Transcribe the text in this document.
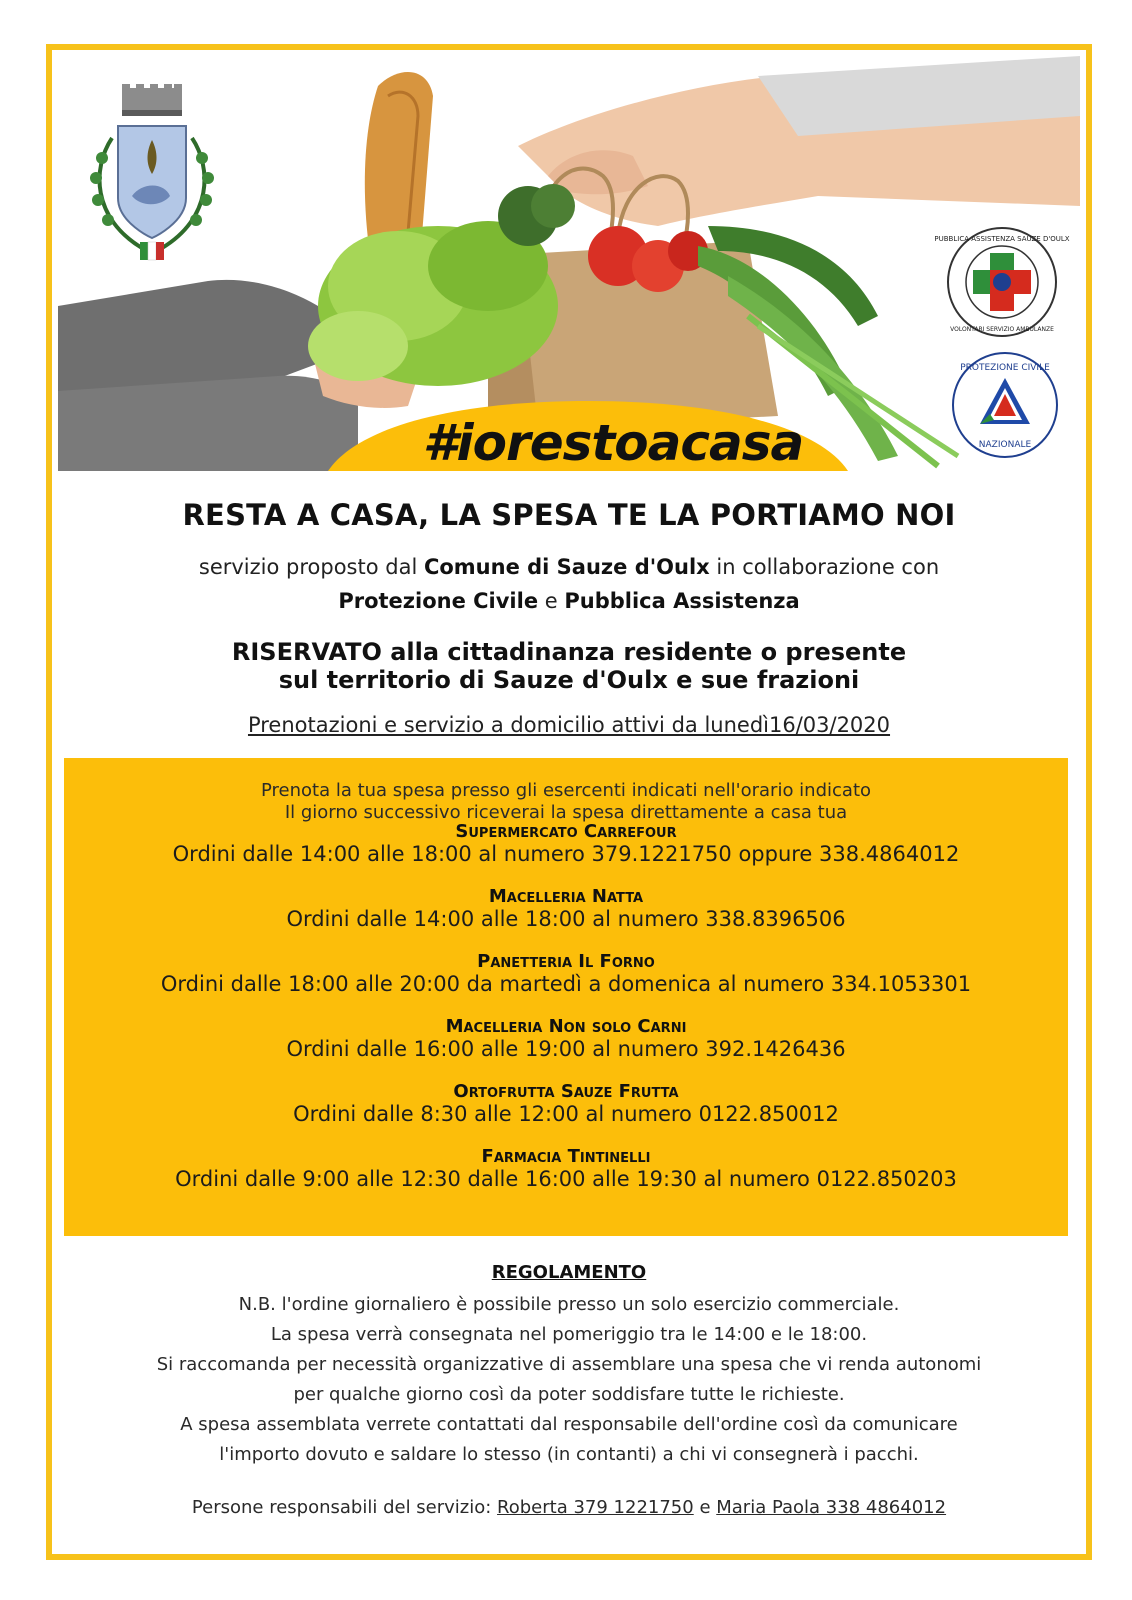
#iorestoacasa
PUBBLICA ASSISTENZA SAUZE D'OULX
VOLONTARI SERVIZIO AMBULANZE
PROTEZIONE CIVILE
NAZIONALE
RESTA A CASA, LA SPESA TE LA PORTIAMO NOI
servizio proposto dal Comune di Sauze d'Oulx in collaborazione con
Protezione Civile e Pubblica Assistenza
RISERVATO alla cittadinanza residente o presente
sul territorio di Sauze d'Oulx e sue frazioni
Prenotazioni e servizio a domicilio attivi da lunedì16/03/2020
Prenota la tua spesa presso gli esercenti indicati nell'orario indicato
Il giorno successivo riceverai la spesa direttamente a casa tua
Supermercato Carrefour
Ordini dalle 14:00 alle 18:00 al numero 379.1221750 oppure 338.4864012
Macelleria Natta
Ordini dalle 14:00 alle 18:00 al numero 338.8396506
Panetteria Il Forno
Ordini dalle 18:00 alle 20:00 da martedì a domenica al numero 334.1053301
Macelleria Non solo Carni
Ordini dalle 16:00 alle 19:00 al numero 392.1426436
Ortofrutta Sauze Frutta
Ordini dalle 8:30 alle 12:00 al numero 0122.850012
Farmacia Tintinelli
Ordini dalle 9:00 alle 12:30 dalle 16:00 alle 19:30 al numero 0122.850203
REGOLAMENTO
N.B. l'ordine giornaliero è possibile presso un solo esercizio commerciale.
La spesa verrà consegnata nel pomeriggio tra le 14:00 e le 18:00.
Si raccomanda per necessità organizzative di assemblare una spesa che vi renda autonomi
per qualche giorno così da poter soddisfare tutte le richieste.
A spesa assemblata verrete contattati dal responsabile dell'ordine così da comunicare
l'importo dovuto e saldare lo stesso (in contanti) a chi vi consegnerà i pacchi.
Persone responsabili del servizio: Roberta 379 1221750 e Maria Paola 338 4864012
